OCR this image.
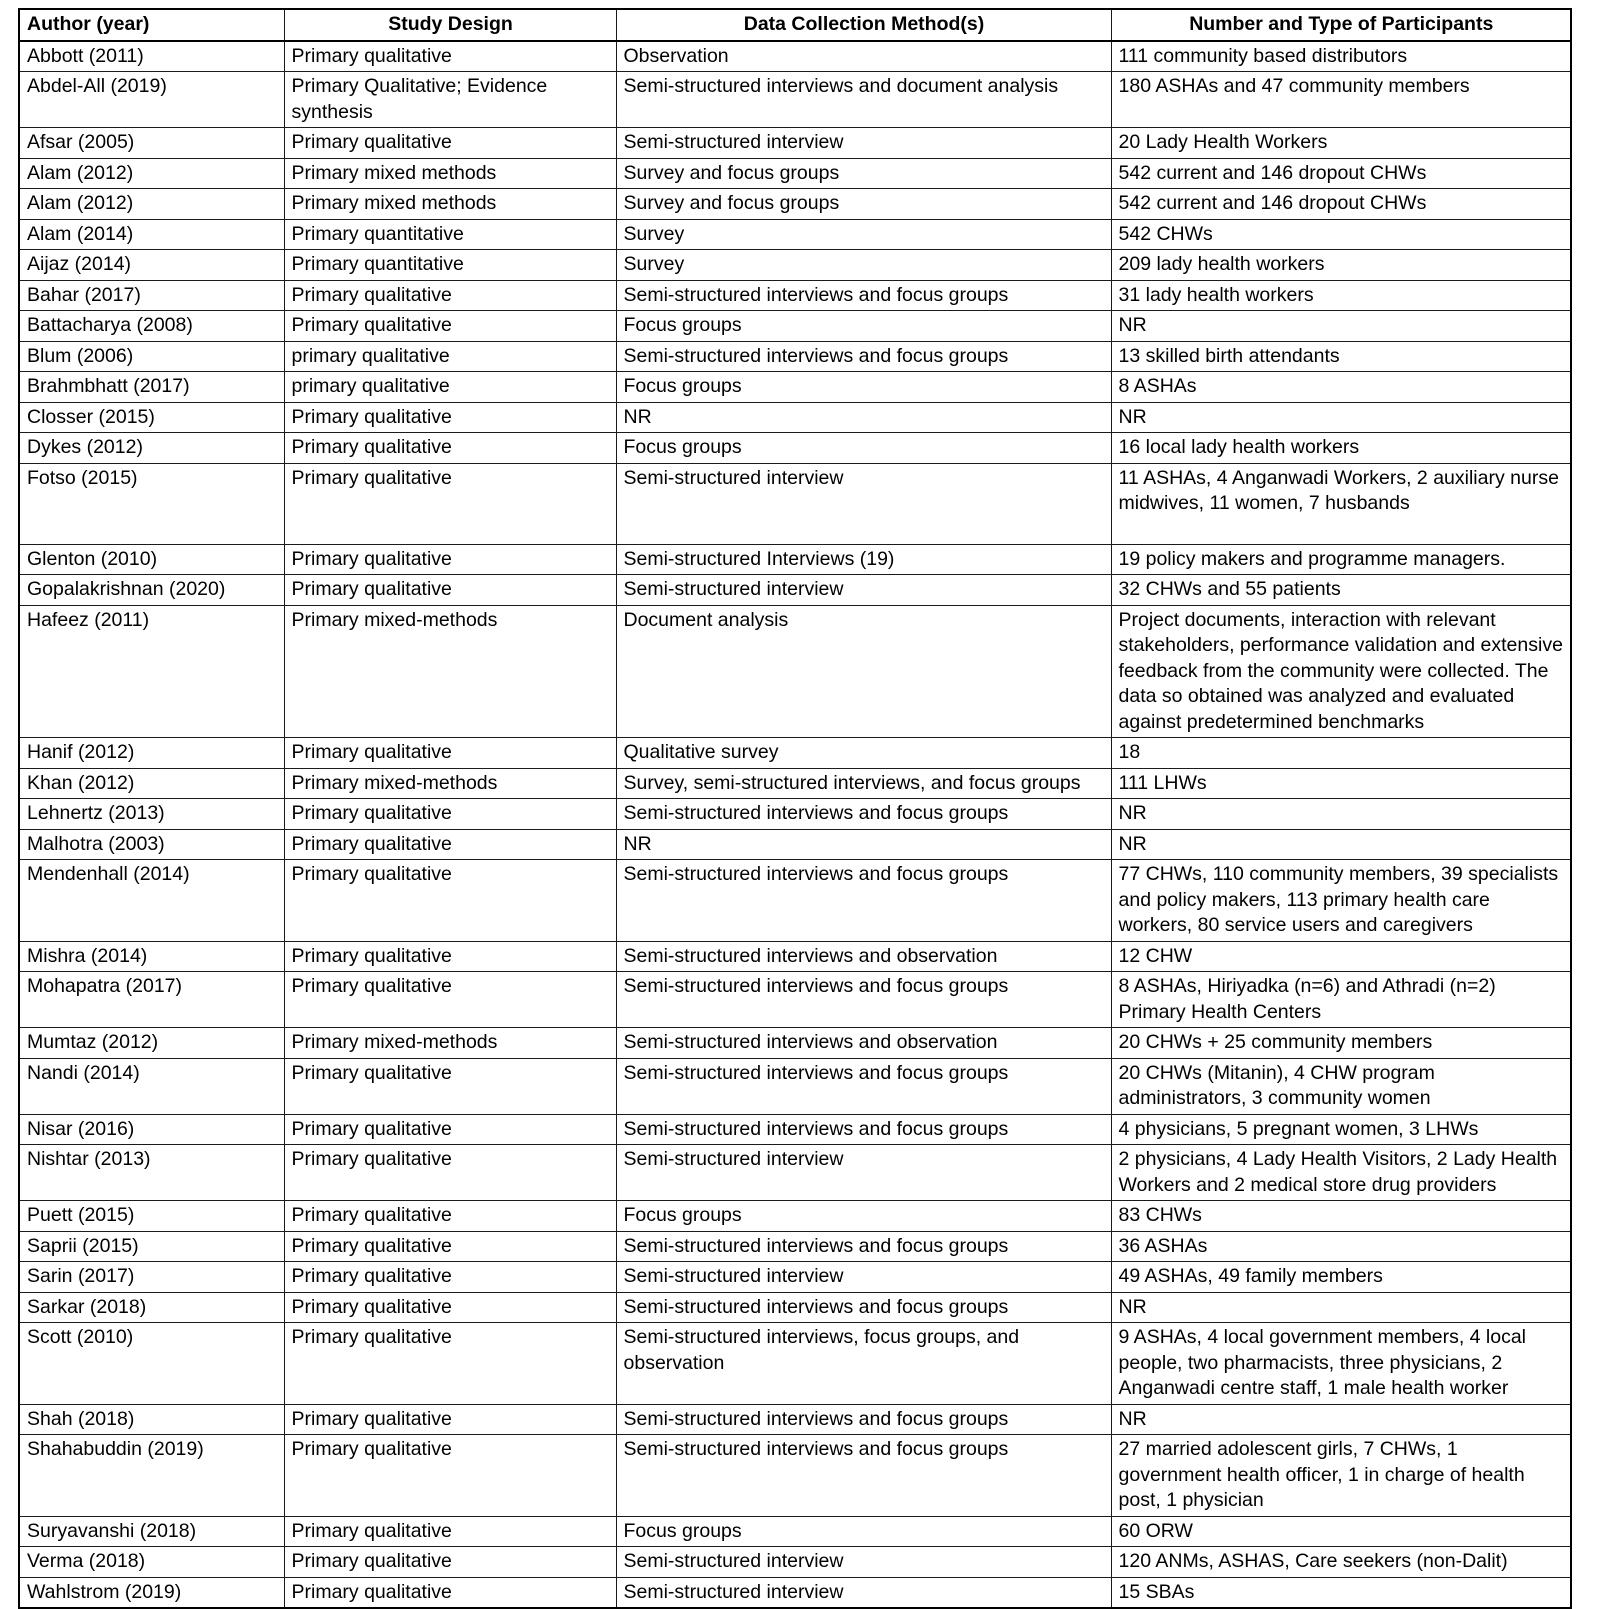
Author (year)	Study Design	Data Collection Method(s)	Number and Type of Participants

Abbott (2011)	Primary qualitative	Observation	111 community based distributors

Abdel-All (2019)	Primary Qualitative; Evidence synthesis	Semi-structured interviews and document analysis	180 ASHAs and 47 community members

Afsar (2005)	Primary qualitative	Semi-structured interview	20 Lady Health Workers

Alam (2012)	Primary mixed methods	Survey and focus groups	542 current and 146 dropout CHWs

Alam (2012)	Primary mixed methods	Survey and focus groups	542 current and 146 dropout CHWs

Alam (2014)	Primary quantitative	Survey	542 CHWs

Aijaz (2014)	Primary quantitative	Survey	209 lady health workers

Bahar (2017)	Primary qualitative	Semi-structured interviews and focus groups	31 lady health workers

Battacharya (2008)	Primary qualitative	Focus groups	NR

Blum (2006)	primary qualitative	Semi-structured interviews and focus groups	13 skilled birth attendants

Brahmbhatt (2017)	primary qualitative	Focus groups	8 ASHAs

Closser (2015)	Primary qualitative	NR	NR

Dykes (2012)	Primary qualitative	Focus groups	16 local lady health workers

Fotso (2015)	Primary qualitative	Semi-structured interview	11 ASHAs, 4 Anganwadi Workers, 2 auxiliary nurse midwives, 11 women, 7 husbands

Glenton (2010)	Primary qualitative	Semi-structured Interviews (19)	19 policy makers and programme managers.

Gopalakrishnan (2020)	Primary qualitative	Semi-structured interview	32 CHWs and 55 patients

Hafeez (2011)	Primary mixed-methods	Document analysis	Project documents, interaction with relevant stakeholders, performance validation and extensive feedback from the community were collected. The data so obtained was analyzed and evaluated against predetermined benchmarks

Hanif (2012)	Primary qualitative	Qualitative survey	18

Khan (2012)	Primary mixed-methods	Survey, semi-structured interviews, and focus groups	111 LHWs

Lehnertz (2013)	Primary qualitative	Semi-structured interviews and focus groups	NR

Malhotra (2003)	Primary qualitative	NR	NR

Mendenhall (2014)	Primary qualitative	Semi-structured interviews and focus groups	77 CHWs, 110 community members, 39 specialists and policy makers, 113 primary health care workers, 80 service users and caregivers

Mishra (2014)	Primary qualitative	Semi-structured interviews and observation	12 CHW

Mohapatra (2017)	Primary qualitative	Semi-structured interviews and focus groups	8 ASHAs, Hiriyadka (n=6) and Athradi (n=2) Primary Health Centers

Mumtaz (2012)	Primary mixed-methods	Semi-structured interviews and observation	20 CHWs + 25 community members

Nandi (2014)	Primary qualitative	Semi-structured interviews and focus groups	20 CHWs (Mitanin), 4 CHW program administrators, 3 community women

Nisar (2016)	Primary qualitative	Semi-structured interviews and focus groups	4 physicians, 5 pregnant women, 3 LHWs

Nishtar (2013)	Primary qualitative	Semi-structured interview	2 physicians, 4 Lady Health Visitors, 2 Lady Health Workers and 2 medical store drug providers

Puett (2015)	Primary qualitative	Focus groups	83 CHWs

Saprii (2015)	Primary qualitative	Semi-structured interviews and focus groups	36 ASHAs

Sarin (2017)	Primary qualitative	Semi-structured interview	49 ASHAs, 49 family members

Sarkar (2018)	Primary qualitative	Semi-structured interviews and focus groups	NR

Scott (2010)	Primary qualitative	Semi-structured interviews, focus groups, and observation	9 ASHAs, 4 local government members, 4 local people, two pharmacists, three physicians, 2 Anganwadi centre staff, 1 male health worker

Shah (2018)	Primary qualitative	Semi-structured interviews and focus groups	NR

Shahabuddin (2019)	Primary qualitative	Semi-structured interviews and focus groups	27 married adolescent girls, 7 CHWs, 1 government health officer, 1 in charge of health post, 1 physician

Suryavanshi (2018)	Primary qualitative	Focus groups	60 ORW

Verma (2018)	Primary qualitative	Semi-structured interview	120 ANMs, ASHAS, Care seekers (non-Dalit)

Wahlstrom (2019)	Primary qualitative	Semi-structured interview	15 SBAs
